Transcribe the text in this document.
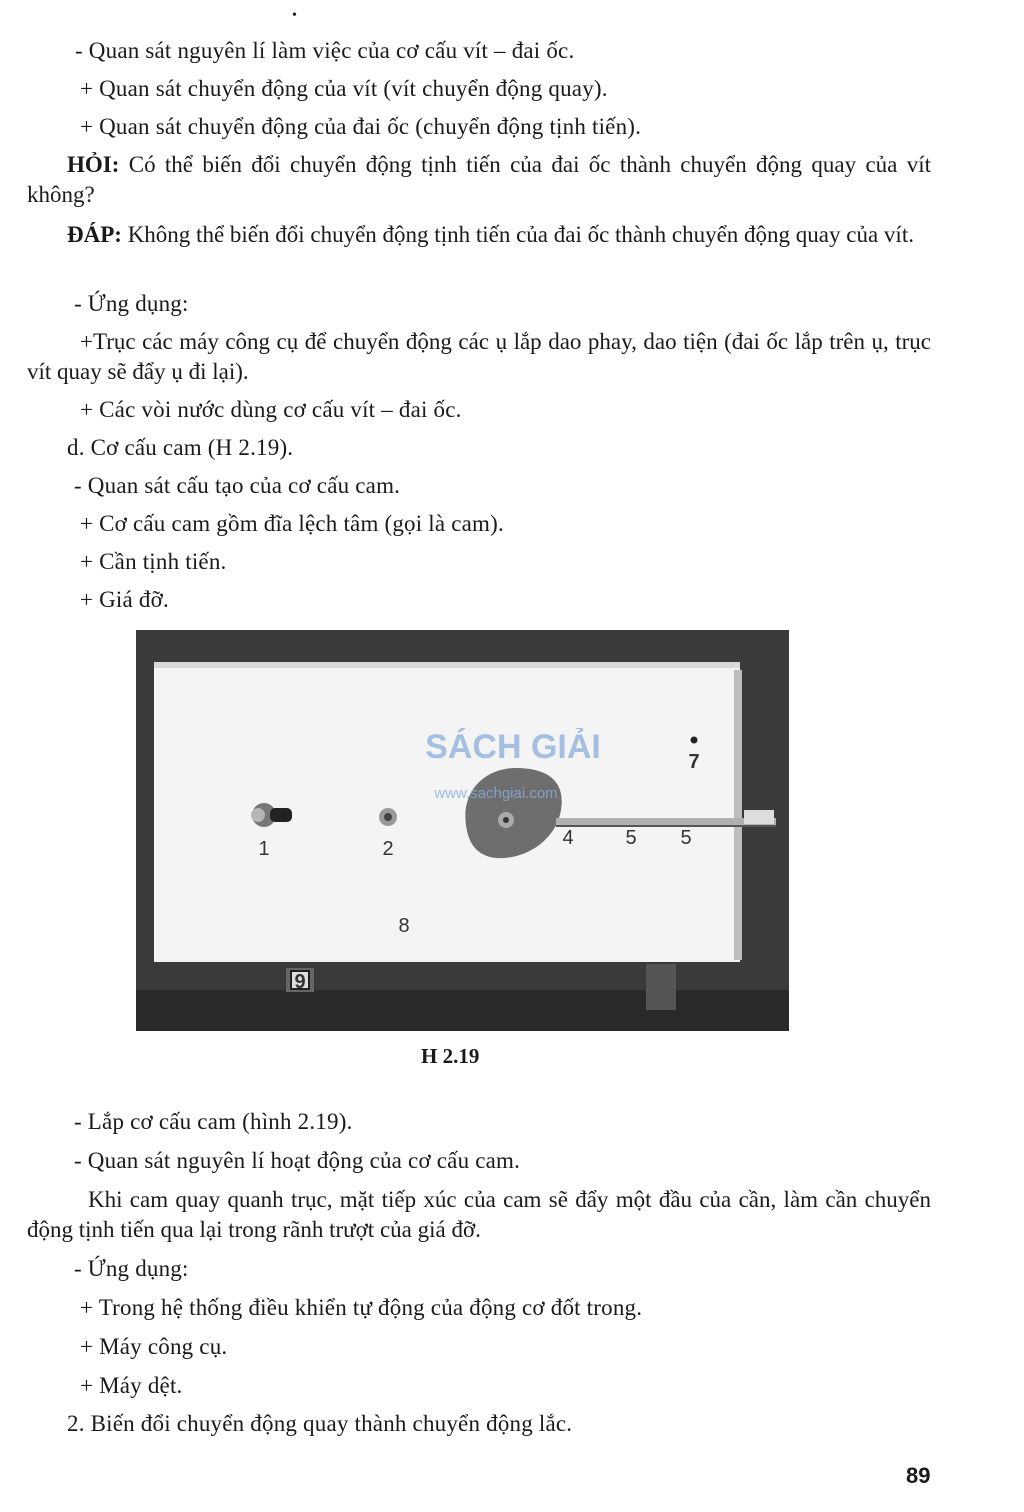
•
- Quan sát nguyên lí làm việc của cơ cấu vít – đai ốc.
+ Quan sát chuyển động của vít (vít chuyển động quay).
+ Quan sát chuyển động của đai ốc (chuyển động tịnh tiến).
HỎI: Có thể biến đổi chuyển động tịnh tiến của đai ốc thành chuyển động quay của vít không?
ĐÁP: Không thể biến đổi chuyển động tịnh tiến của đai ốc thành chuyển động quay của vít.
- Ứng dụng:
+Trục các máy công cụ để chuyển động các ụ lắp dao phay, dao tiện (đai ốc lắp trên ụ, trục vít quay sẽ đẩy ụ đi lại).
+ Các vòi nước dùng cơ cấu vít – đai ốc.
d. Cơ cấu cam (H 2.19).
- Quan sát cấu tạo của cơ cấu cam.
+ Cơ cấu cam gồm đĩa lệch tâm (gọi là cam).
+ Cần tịnh tiến.
+ Giá đỡ.
1	2	4	5
7
8
9
5
SÁCH GIẢI
www.sachgiai.com
H 2.19
- Lắp cơ cấu cam (hình 2.19).
- Quan sát nguyên lí hoạt động của cơ cấu cam.
Khi cam quay quanh trục, mặt tiếp xúc của cam sẽ đẩy một đầu của cần, làm cần chuyển động tịnh tiến qua lại trong rãnh trượt của giá đỡ.
- Ứng dụng:
+ Trong hệ thống điều khiển tự động của động cơ đốt trong.
+ Máy công cụ.
+ Máy dệt.
2. Biến đổi chuyển động quay thành chuyển động lắc.
89
